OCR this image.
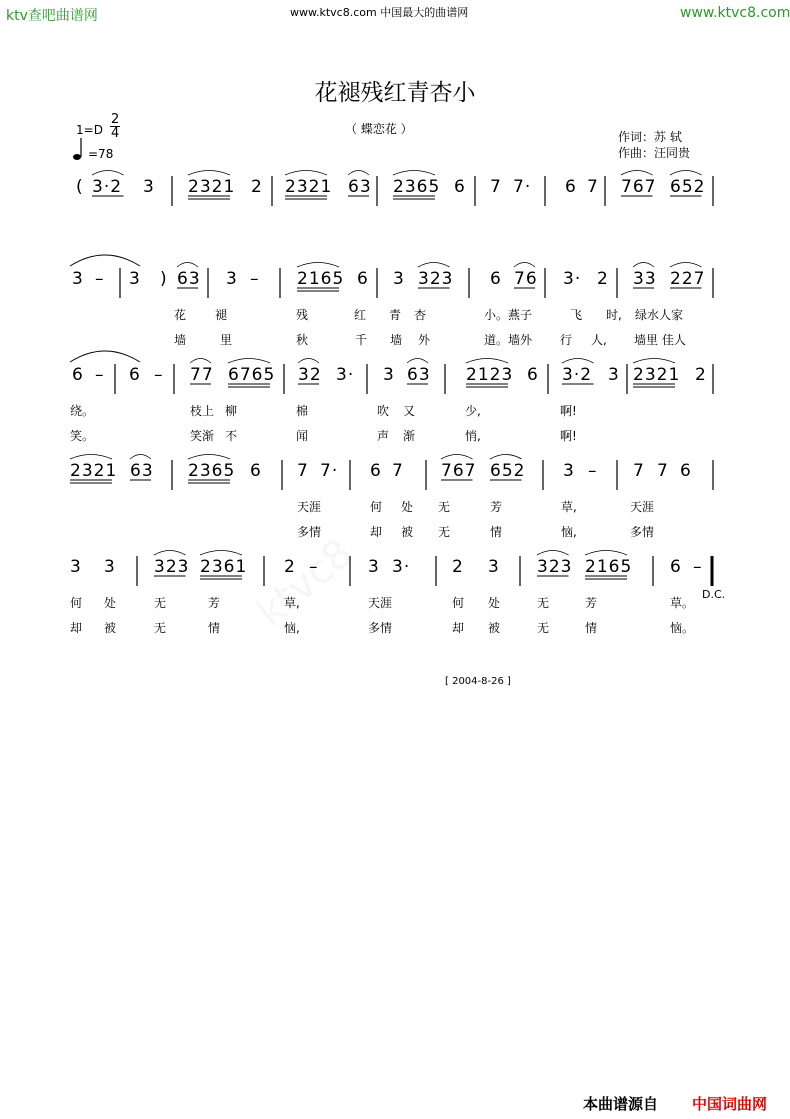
ktv查吧曲谱网	www.ktvc8.com 中国最大的曲谱网	www.ktvc8.com
花褪残红青杏小
（ 蝶恋花 ）
作词：苏 轼
作曲：汪同贵
$1=D \frac{2}{4}$
=78
( 3·2 3 2321 2 2321 63 2365 6 7 7· 6 7 767 652
3 – 3 ) 63 3 – 2165 6 3 323 6 76 3· 2 33 227
花 褪	残	红 青 杏	小。燕子	飞 时, 绿水人家
墙	里	秋	千 墙 外	道。墙外 行 人, 墙里 佳人
6 – 6 – 77 6765 32 3· 3 63 2123 6 3·2 3 2321 2
绕。	枝上 柳	棉	吹 又	少,	啊!
笑。	笑渐 不	闻	声 渐	悄,	啊!
2321 63 2365 6 7 7· 6 7 767 652 3 – 7 7 6
天涯	何 处 无	芳	草,	天涯
多情	却 被 无	情	恼,	多情
3 3 323 2361 2 –	3 3· 2 3 323 2165 6 –
何 处	无	芳	草,	天涯	何 处	无	芳	草。
却 被	无	情	恼,	多情	却 被	无	情	恼。
D.C.
[ 2004-8-26 ]
本曲谱源自 中国词曲网
